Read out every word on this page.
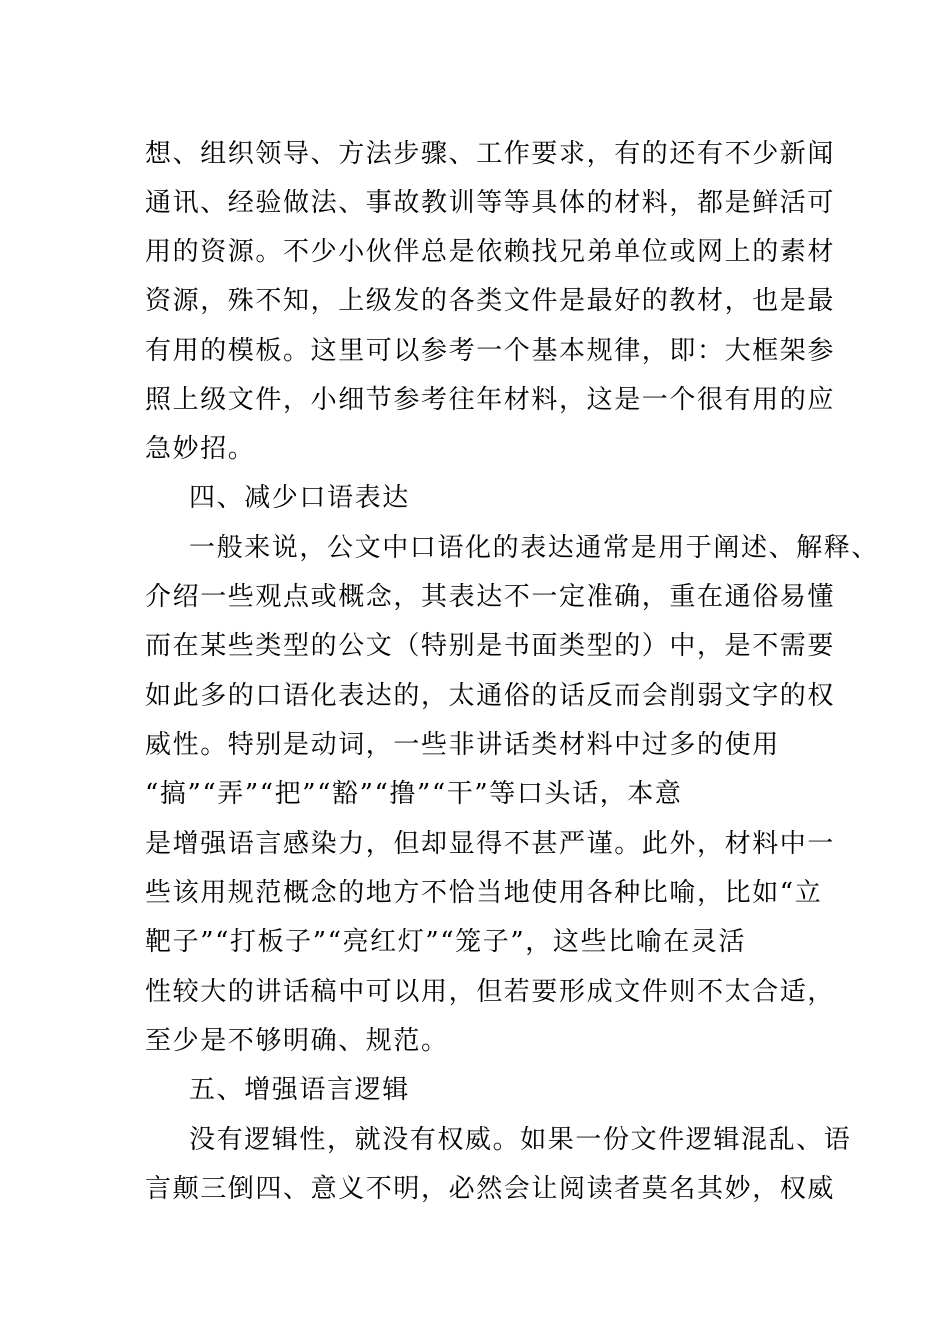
想、组织领导、方法步骤、工作要求，有的还有不少新闻
通讯、经验做法、事故教训等等具体的材料，都是鲜活可
用的资源。不少小伙伴总是依赖找兄弟单位或网上的素材
资源，殊不知，上级发的各类文件是最好的教材，也是最
有用的模板。这里可以参考一个基本规律，即：大框架参
照上级文件，小细节参考往年材料，这是一个很有用的应
急妙招。
四、减少口语表达
一般来说，公文中口语化的表达通常是用于阐述、解释、
介绍一些观点或概念，其表达不一定准确，重在通俗易懂
而在某些类型的公文（特别是书面类型的）中，是不需要
如此多的口语化表达的，太通俗的话反而会削弱文字的权
威性。特别是动词，一些非讲话类材料中过多的使用
“搞”“弄”“把”“豁”“撸”“干”等口头话，本意
是增强语言感染力，但却显得不甚严谨。此外，材料中一
些该用规范概念的地方不恰当地使用各种比喻，比如“立
靶子”“打板子”“亮红灯”“笼子”，这些比喻在灵活
性较大的讲话稿中可以用，但若要形成文件则不太合适，
至少是不够明确、规范。
五、增强语言逻辑
没有逻辑性，就没有权威。如果一份文件逻辑混乱、语
言颠三倒四、意义不明，必然会让阅读者莫名其妙，权威
